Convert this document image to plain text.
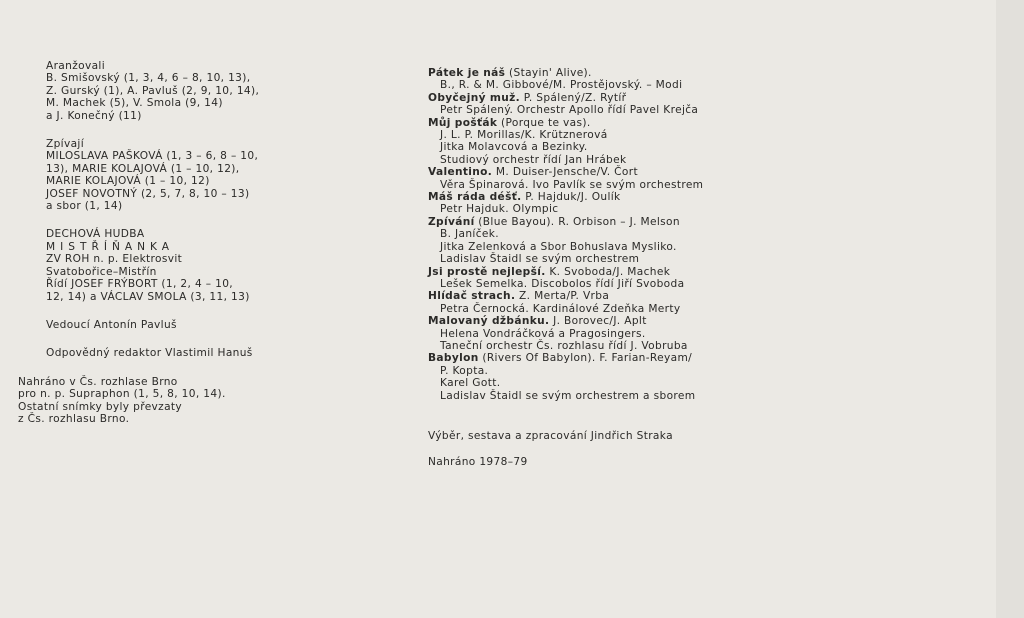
Aranžovali
B. Smišovský (1, 3, 4, 6 – 8, 10, 13),
Z. Gurský (1), A. Pavluš (2, 9, 10, 14),
M. Machek (5), V. Smola (9, 14)
a J. Konečný (11)
Zpívají
MILOSLAVA PAŠKOVÁ (1, 3 – 6, 8 – 10,
13), MARIE KOLAJOVÁ (1 – 10, 12),
MARIE KOLAJOVÁ (1 – 10, 12)
JOSEF NOVOTNÝ (2, 5, 7, 8, 10 – 13)
a sbor (1, 14)
DECHOVÁ HUDBA
MISTŘÍŇANKA
ZV ROH n. p. Elektrosvit
Svatobořice–Mistřín
Řídí JOSEF FRÝBORT (1, 2, 4 – 10,
12, 14) a VÁCLAV SMOLA (3, 11, 13)
Vedoucí Antonín Pavluš
Odpovědný redaktor Vlastimil Hanuš
Nahráno v Čs. rozhlase Brno
pro n. p. Supraphon (1, 5, 8, 10, 14).
Ostatní snímky byly převzaty
z Čs. rozhlasu Brno.
Pátek je náš (Stayin' Alive).
B., R. & M. Gibbové/M. Prostějovský. – Modi
Obyčejný muž. P. Spálený/Z. Rytíř
Petr Spálený. Orchestr Apollo řídí Pavel Krejča
Můj pošťák (Porque te vas).
J. L. P. Morillas/K. Krütznerová
Jitka Molavcová a Bezinky.
Studiový orchestr řídí Jan Hrábek
Valentino. M. Duiser-Jensche/V. Čort
Věra Špinarová. Ivo Pavlík se svým orchestrem
Máš ráda déšť. P. Hajduk/J. Oulík
Petr Hajduk. Olympic
Zpívání (Blue Bayou). R. Orbison – J. Melson
B. Janíček.
Jitka Zelenková a Sbor Bohuslava Mysliko.
Ladislav Štaidl se svým orchestrem
Jsi prostě nejlepší. K. Svoboda/J. Machek
Lešek Semelka. Discobolos řídí Jiří Svoboda
Hlídač strach. Z. Merta/P. Vrba
Petra Černocká. Kardinálové Zdeňka Merty
Malovaný džbánku. J. Borovec/J. Aplt
Helena Vondráčková a Pragosingers.
Taneční orchestr Čs. rozhlasu řídí J. Vobruba
Babylon (Rivers Of Babylon). F. Farian-Reyam/
P. Kopta.
Karel Gott.
Ladislav Štaidl se svým orchestrem a sborem
Výběr, sestava a zpracování Jindřich Straka
Nahráno 1978–79
